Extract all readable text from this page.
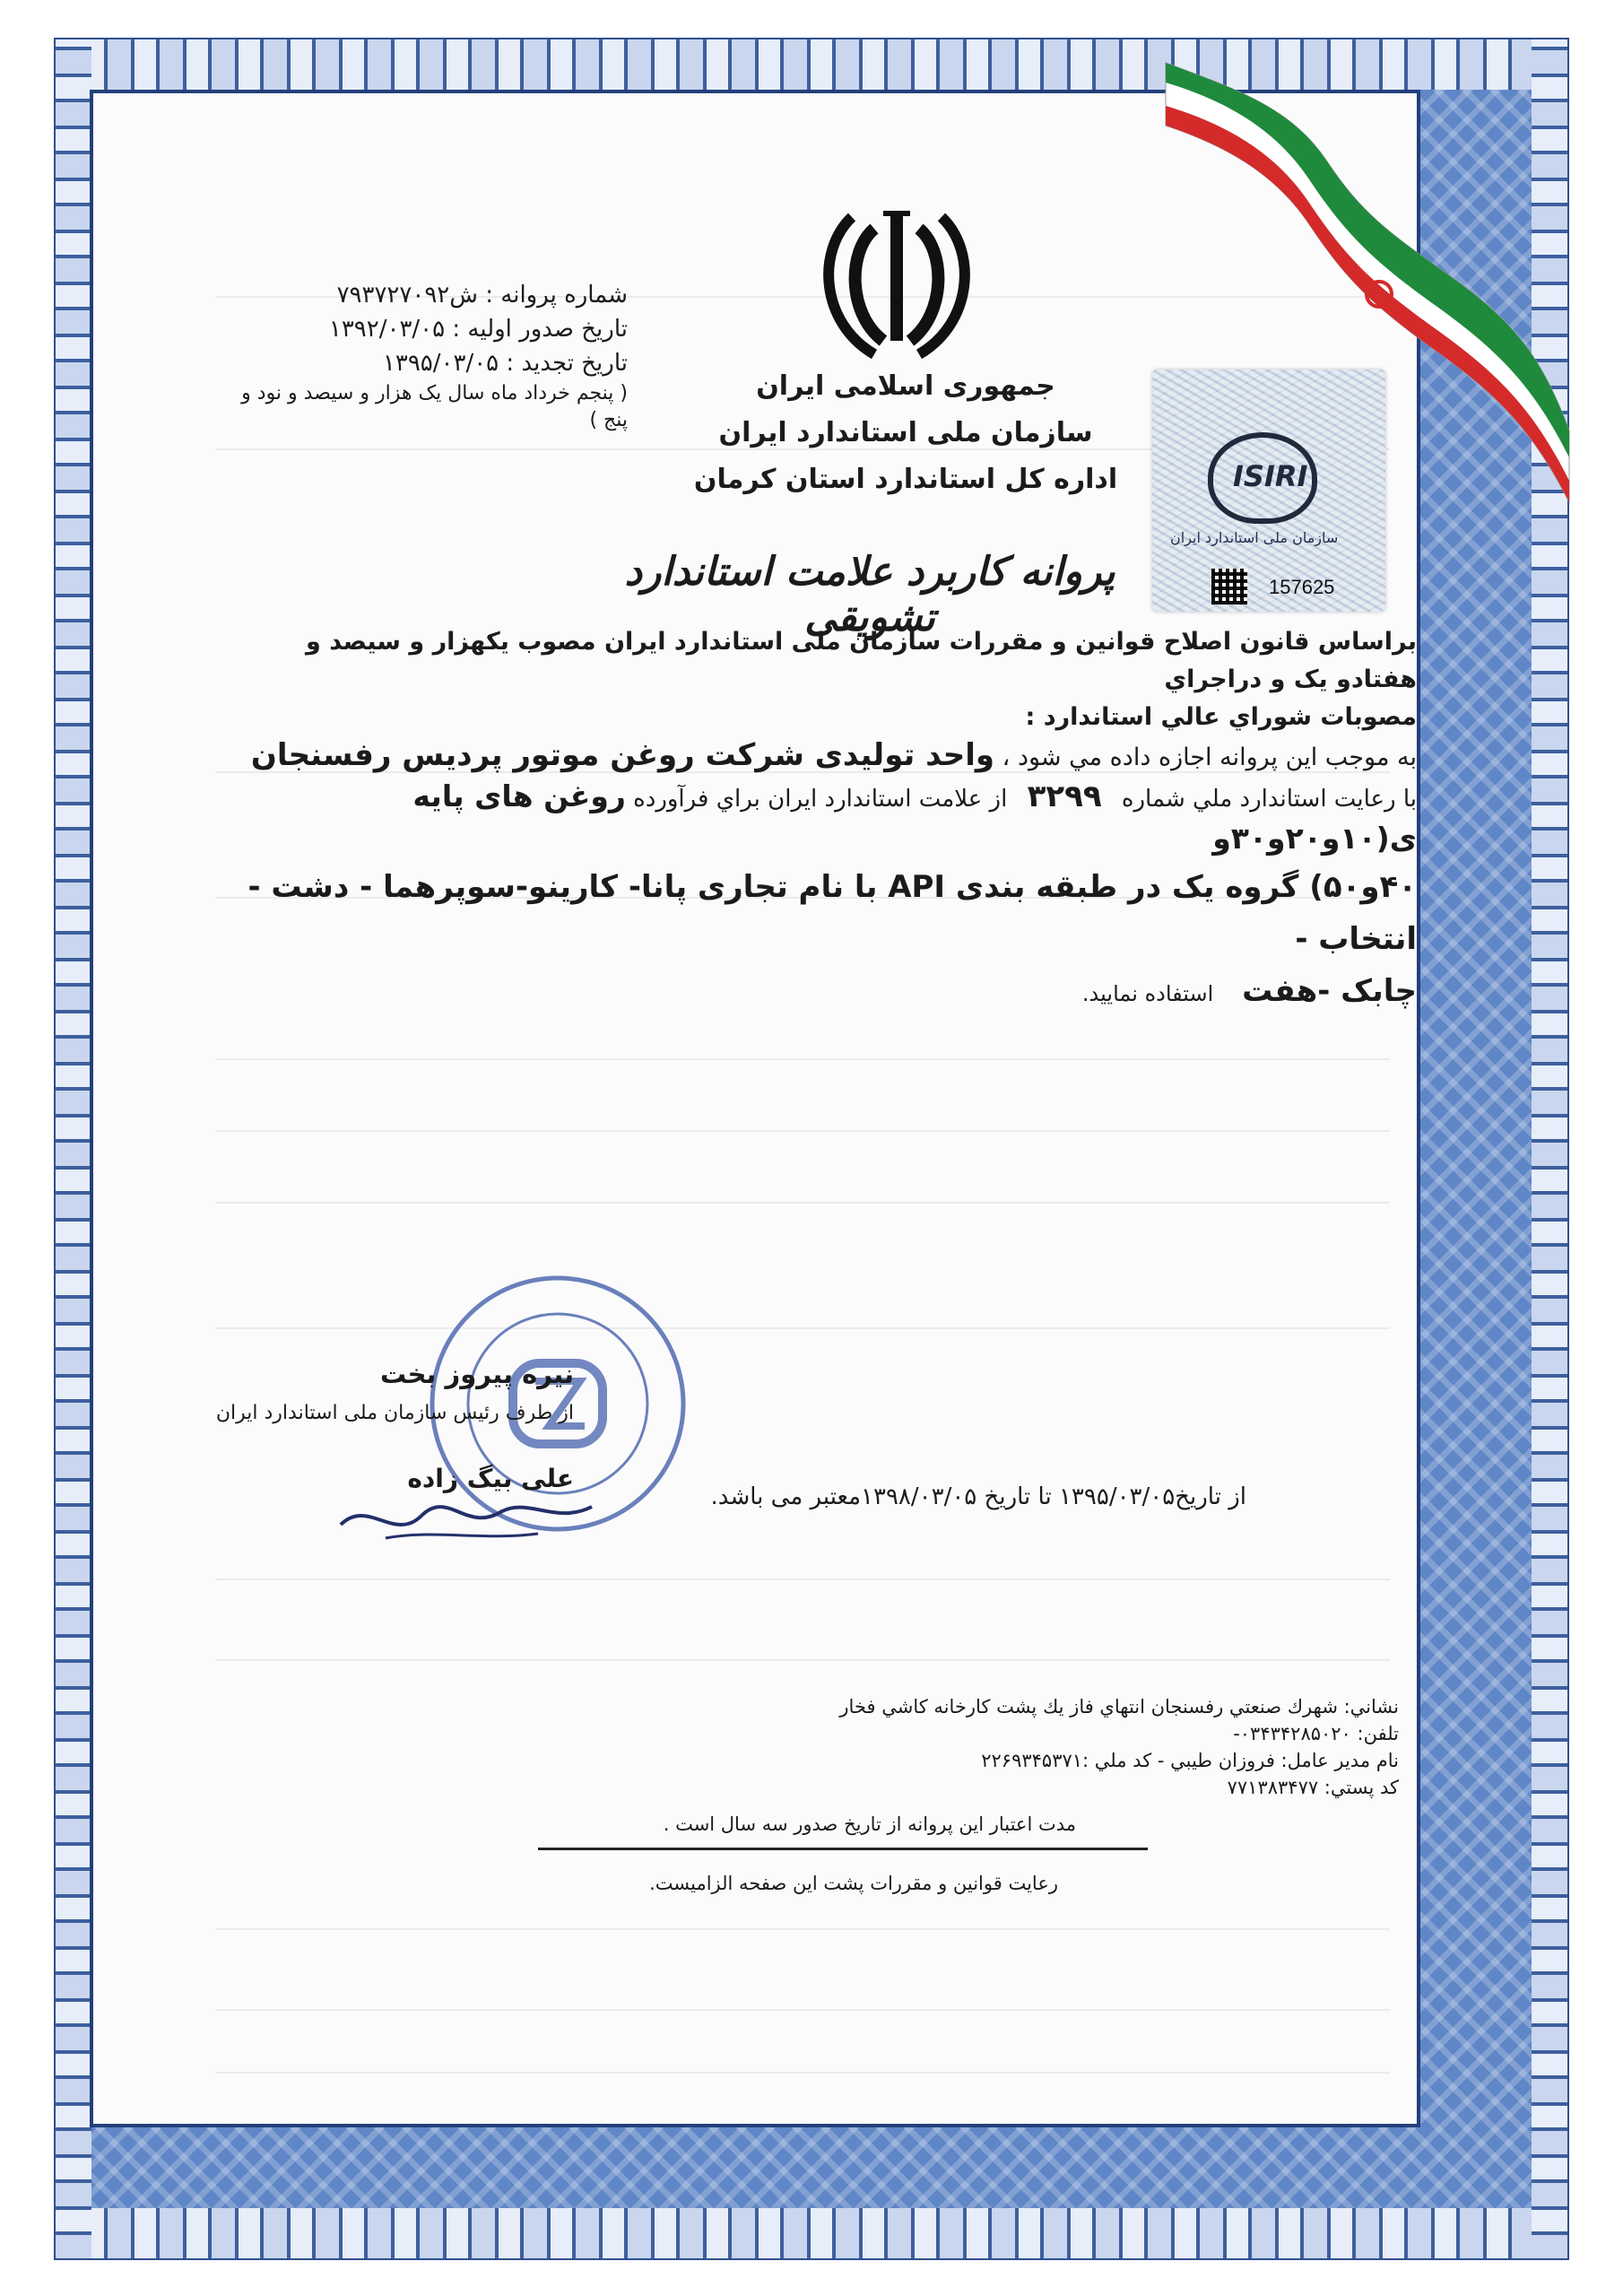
شماره پروانه : ش۷۹۳۷۲۷۰۹۲
تاریخ صدور اولیه : ۱۳۹۲/۰۳/۰۵
تاریخ تجدید : ۱۳۹۵/۰۳/۰۵
( پنجم خرداد ماه سال یک هزار و سیصد و نود و
پنج )
جمهوری اسلامی ایران
سازمان ملی استاندارد ایران
اداره کل استاندارد استان کرمان	ISIRI
سازمان ملی استاندارد ایران
157625
پروانه کاربرد علامت استاندارد تشویقی

براساس قانون اصلاح قوانین و مقررات سازمان ملی استاندارد ایران مصوب یکهزار و سیصد و هفتادو یک و دراجراي

مصوبات شوراي عالي استاندارد :

به موجب این پروانه اجازه داده مي شود ، واحد تولیدی شرکت روغن موتور پردیس رفسنجان

با رعایت استاندارد ملي شماره ۳۲۹۹ از علامت استاندارد ایران براي فرآورده روغن های پایه ی(۱۰و۲۰و۳۰و

۴۰و۵۰) گروه یک در طبقه بندی API با نام تجاری پانا- کارینو-سوپرهما - دشت - انتخاب -

چابک -هفت استفاده نمایید.

نیره پیروز بخت
از طرف رئیس سازمان ملی استاندارد ایران
علی بیگ زاده
از تاریخ۱۳۹۵/۰۳/۰۵ تا تاریخ ۱۳۹۸/۰۳/۰۵معتبر می باشد.
نشاني: شهرك صنعتي رفسنجان انتهاي فاز يك پشت كارخانه كاشي فخار
تلفن: ۰۳۴۳۴۲۸۵۰۲۰-
نام مدیر عامل: فروزان طيبي - كد ملي :۲۲۶۹۳۴۵۳۷۱
كد پستي: ۷۷۱۳۸۳۴۷۷
مدت اعتبار این پروانه از تاریخ صدور سه سال است .
رعایت قوانین و مقررات پشت این صفحه الزامیست.
